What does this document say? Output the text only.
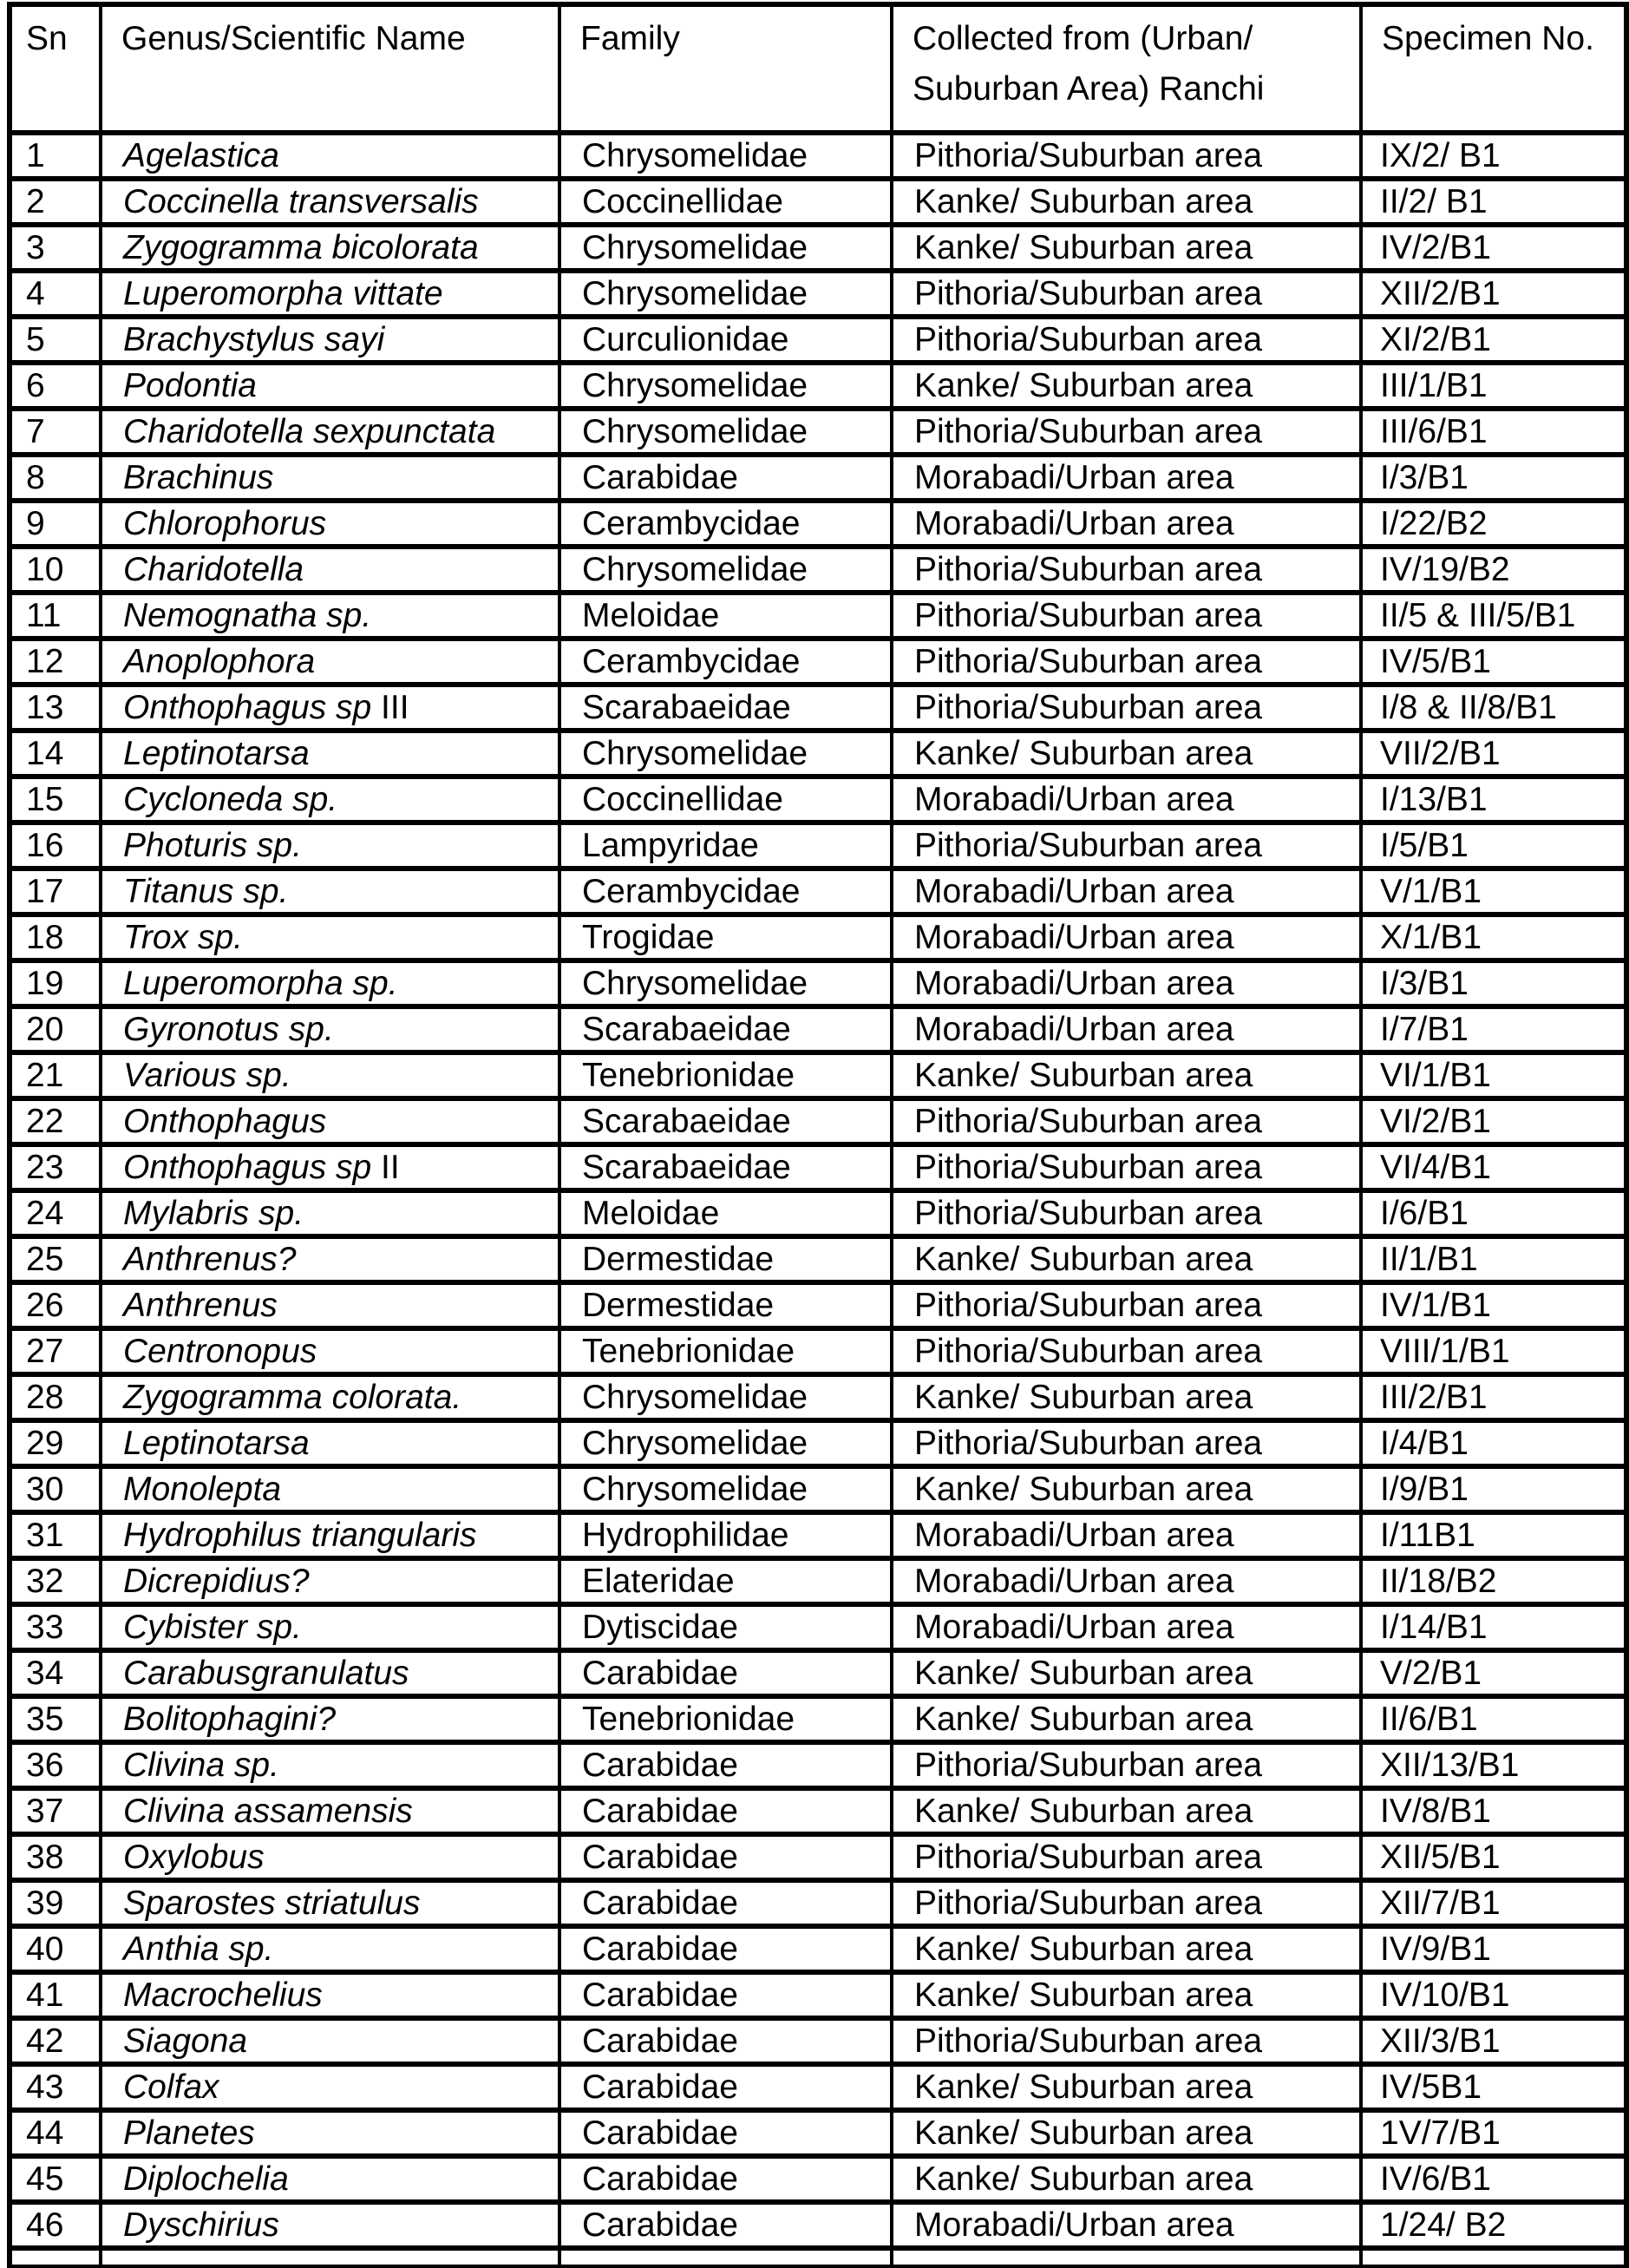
Sn	Genus/Scientific Name	Family	Collected from (Urban/
Suburban Area) Ranchi	Specimen No.
1	Agelastica	Chrysomelidae	Pithoria/Suburban area	IX/2/ B1
2	Coccinella transversalis	Coccinellidae	Kanke/ Suburban area	II/2/ B1
3	Zygogramma bicolorata	Chrysomelidae	Kanke/ Suburban area	IV/2/B1
4	Luperomorpha vittate	Chrysomelidae	Pithoria/Suburban area	XII/2/B1
5	Brachystylus sayi	Curculionidae	Pithoria/Suburban area	XI/2/B1
6	Podontia	Chrysomelidae	Kanke/ Suburban area	III/1/B1
7	Charidotella sexpunctata	Chrysomelidae	Pithoria/Suburban area	III/6/B1
8	Brachinus	Carabidae	Morabadi/Urban area	I/3/B1
9	Chlorophorus	Cerambycidae	Morabadi/Urban area	I/22/B2
10	Charidotella	Chrysomelidae	Pithoria/Suburban area	IV/19/B2
11	Nemognatha sp.	Meloidae	Pithoria/Suburban area	II/5 & III/5/B1
12	Anoplophora	Cerambycidae	Pithoria/Suburban area	IV/5/B1
13	Onthophagus sp III	Scarabaeidae	Pithoria/Suburban area	I/8 & II/8/B1
14	Leptinotarsa	Chrysomelidae	Kanke/ Suburban area	VII/2/B1
15	Cycloneda sp.	Coccinellidae	Morabadi/Urban area	I/13/B1
16	Photuris sp.	Lampyridae	Pithoria/Suburban area	I/5/B1
17	Titanus sp.	Cerambycidae	Morabadi/Urban area	V/1/B1
18	Trox sp.	Trogidae	Morabadi/Urban area	X/1/B1
19	Luperomorpha sp.	Chrysomelidae	Morabadi/Urban area	I/3/B1
20	Gyronotus sp.	Scarabaeidae	Morabadi/Urban area	I/7/B1
21	Various sp.	Tenebrionidae	Kanke/ Suburban area	VI/1/B1
22	Onthophagus	Scarabaeidae	Pithoria/Suburban area	VI/2/B1
23	Onthophagus sp II	Scarabaeidae	Pithoria/Suburban area	VI/4/B1
24	Mylabris sp.	Meloidae	Pithoria/Suburban area	I/6/B1
25	Anthrenus?	Dermestidae	Kanke/ Suburban area	II/1/B1
26	Anthrenus	Dermestidae	Pithoria/Suburban area	IV/1/B1
27	Centronopus	Tenebrionidae	Pithoria/Suburban area	VIII/1/B1
28	Zygogramma colorata.	Chrysomelidae	Kanke/ Suburban area	III/2/B1
29	Leptinotarsa	Chrysomelidae	Pithoria/Suburban area	I/4/B1
30	Monolepta	Chrysomelidae	Kanke/ Suburban area	I/9/B1
31	Hydrophilus triangularis	Hydrophilidae	Morabadi/Urban area	I/11B1
32	Dicrepidius?	Elateridae	Morabadi/Urban area	II/18/B2
33	Cybister sp.	Dytiscidae	Morabadi/Urban area	I/14/B1
34	Carabusgranulatus	Carabidae	Kanke/ Suburban area	V/2/B1
35	Bolitophagini?	Tenebrionidae	Kanke/ Suburban area	II/6/B1
36	Clivina sp.	Carabidae	Pithoria/Suburban area	XII/13/B1
37	Clivina assamensis	Carabidae	Kanke/ Suburban area	IV/8/B1
38	Oxylobus	Carabidae	Pithoria/Suburban area	XII/5/B1
39	Sparostes striatulus	Carabidae	Pithoria/Suburban area	XII/7/B1
40	Anthia sp.	Carabidae	Kanke/ Suburban area	IV/9/B1
41	Macrochelius	Carabidae	Kanke/ Suburban area	IV/10/B1
42	Siagona	Carabidae	Pithoria/Suburban area	XII/3/B1
43	Colfax	Carabidae	Kanke/ Suburban area	IV/5B1
44	Planetes	Carabidae	Kanke/ Suburban area	1V/7/B1
45	Diplochelia	Carabidae	Kanke/ Suburban area	IV/6/B1
46	Dyschirius	Carabidae	Morabadi/Urban area	1/24/ B2
